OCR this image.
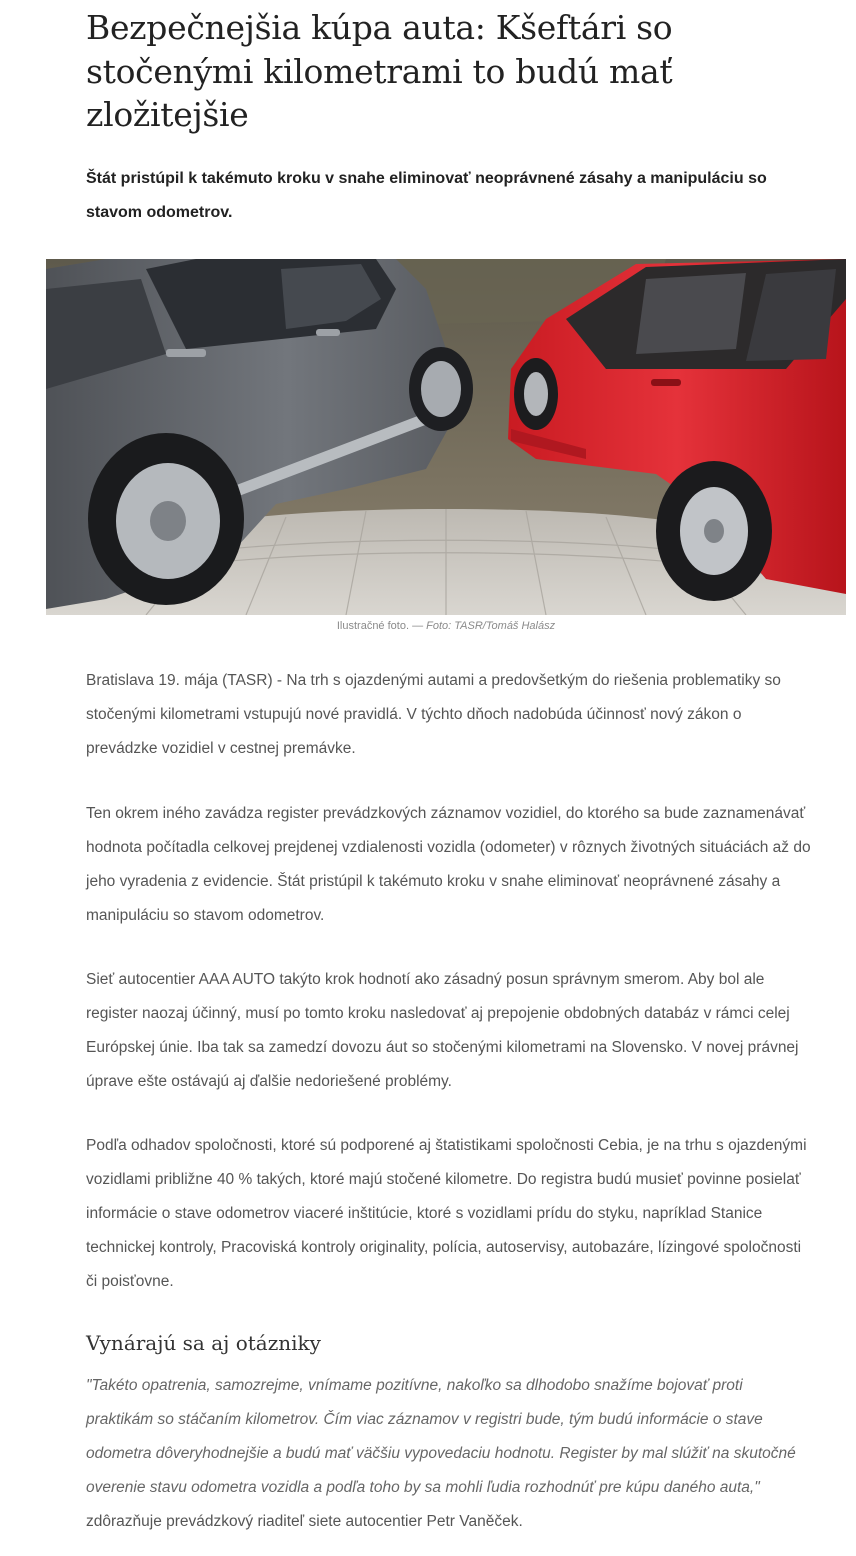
Bezpečnejšia kúpa auta: Kšeftári so stočenými kilometrami to budú mať zložitejšie

Štát pristúpil k takémuto kroku v snahe eliminovať neoprávnené zásahy a manipuláciu so stavom odometrov.

Ilustračné foto. — Foto: TASR/Tomáš Halász

Bratislava 19. mája (TASR) - Na trh s ojazdenými autami a predovšetkým do riešenia problematiky so stočenými kilometrami vstupujú nové pravidlá. V týchto dňoch nadobúda účinnosť nový zákon o prevádzke vozidiel v cestnej premávke.

Ten okrem iného zavádza register prevádzkových záznamov vozidiel, do ktorého sa bude zaznamenávať hodnota počítadla celkovej prejdenej vzdialenosti vozidla (odometer) v rôznych životných situáciách až do jeho vyradenia z evidencie. Štát pristúpil k takémuto kroku v snahe eliminovať neoprávnené zásahy a manipuláciu so stavom odometrov.

Sieť autocentier AAA AUTO takýto krok hodnotí ako zásadný posun správnym smerom. Aby bol ale register naozaj účinný, musí po tomto kroku nasledovať aj prepojenie obdobných databáz v rámci celej Európskej únie. Iba tak sa zamedzí dovozu áut so stočenými kilometrami na Slovensko. V novej právnej úprave ešte ostávajú aj ďalšie nedoriešené problémy.

Podľa odhadov spoločnosti, ktoré sú podporené aj štatistikami spoločnosti Cebia, je na trhu s ojazdenými vozidlami približne 40 % takých, ktoré majú stočené kilometre. Do registra budú musieť povinne posielať informácie o stave odometrov viaceré inštitúcie, ktoré s vozidlami prídu do styku, napríklad Stanice technickej kontroly, Pracoviská kontroly originality, polícia, autoservisy, autobazáre, lízingové spoločnosti či poisťovne.

Vynárajú sa aj otázniky

"Takéto opatrenia, samozrejme, vnímame pozitívne, nakoľko sa dlhodobo snažíme bojovať proti praktikám so stáčaním kilometrov. Čím viac záznamov v registri bude, tým budú informácie o stave odometra dôveryhodnejšie a budú mať väčšiu vypovedaciu hodnotu. Register by mal slúžiť na skutočné overenie stavu odometra vozidla a podľa toho by sa mohli ľudia rozhodnúť pre kúpu daného auta," zdôrazňuje prevádzkový riaditeľ siete autocentier Petr Vaněček.
